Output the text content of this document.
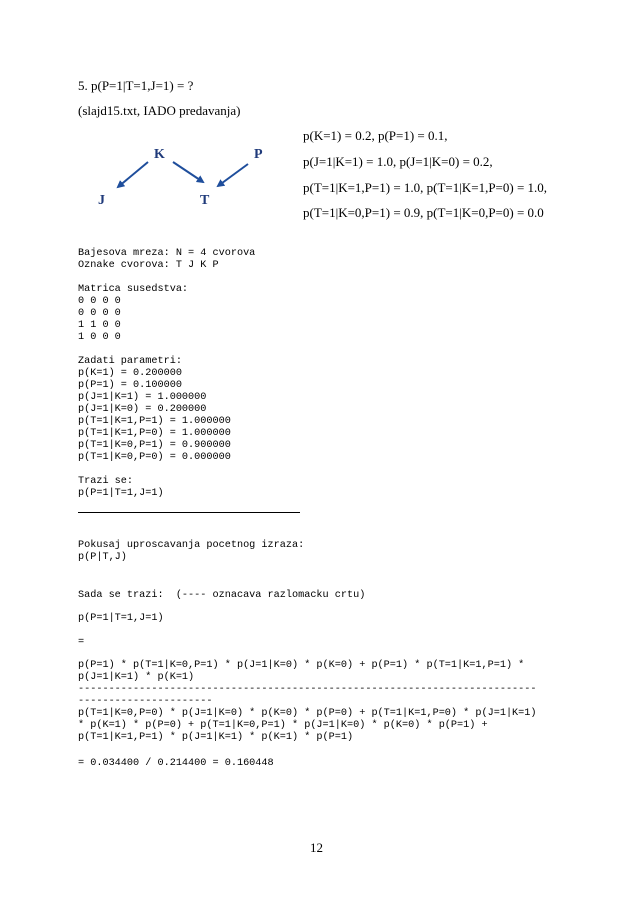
5. p(P=1|T=1,J=1) = ?
(slajd15.txt, IADO predavanja)
K	P
J	T
p(K=1) = 0.2, p(P=1) = 0.1,
p(J=1|K=1) = 1.0, p(J=1|K=0) = 0.2,
p(T=1|K=1,P=1) = 1.0, p(T=1|K=1,P=0) = 1.0,
p(T=1|K=0,P=1) = 0.9, p(T=1|K=0,P=0) = 0.0
Bajesova mreza: N = 4 cvorova
Oznake cvorova: T J K P

Matrica susedstva:
0 0 0 0
0 0 0 0
1 1 0 0
1 0 0 0

Zadati parametri:
p(K=1) = 0.200000
p(P=1) = 0.100000
p(J=1|K=1) = 1.000000
p(J=1|K=0) = 0.200000
p(T=1|K=1,P=1) = 1.000000
p(T=1|K=1,P=0) = 1.000000
p(T=1|K=0,P=1) = 0.900000
p(T=1|K=0,P=0) = 0.000000

Trazi se:
p(P=1|T=1,J=1)
Pokusaj uproscavanja pocetnog izraza:
p(P|T,J)
Sada se trazi:  (---- oznacava razlomacku crtu)
p(P=1|T=1,J=1)
=
p(P=1) * p(T=1|K=0,P=1) * p(J=1|K=0) * p(K=0) + p(P=1) * p(T=1|K=1,P=1) *
p(J=1|K=1) * p(K=1)
---------------------------------------------------------------------------
----------------------
p(T=1|K=0,P=0) * p(J=1|K=0) * p(K=0) * p(P=0) + p(T=1|K=1,P=0) * p(J=1|K=1)
* p(K=1) * p(P=0) + p(T=1|K=0,P=1) * p(J=1|K=0) * p(K=0) * p(P=1) +
p(T=1|K=1,P=1) * p(J=1|K=1) * p(K=1) * p(P=1)
= 0.034400 / 0.214400 = 0.160448
12
